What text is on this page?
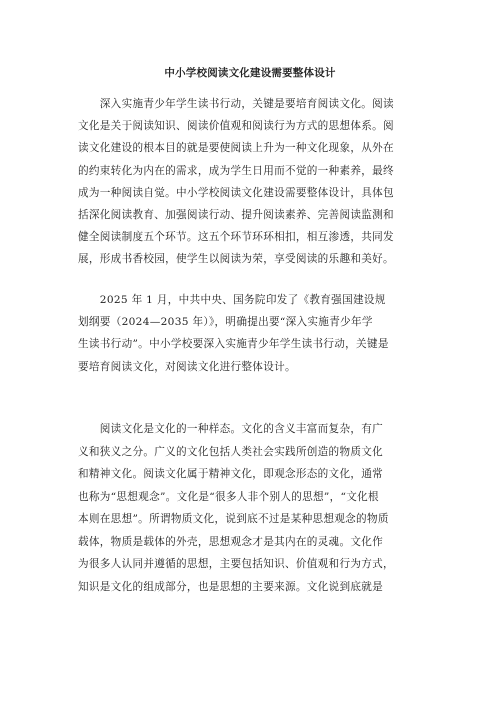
中小学校阅读文化建设需要整体设计
　　深入实施青少年学生读书行动，关键是要培育阅读文化。阅读
文化是关于阅读知识、阅读价值观和阅读行为方式的思想体系。阅
读文化建设的根本目的就是要使阅读上升为一种文化现象，从外在
的约束转化为内在的需求，成为学生日用而不觉的一种素养，最终
成为一种阅读自觉。中小学校阅读文化建设需要整体设计，具体包
括深化阅读教育、加强阅读行动、提升阅读素养、完善阅读监测和
健全阅读制度五个环节。这五个环节环环相扣，相互渗透，共同发
展，形成书香校园，使学生以阅读为荣，享受阅读的乐趣和美好。
　　2025 年 1 月，中共中央、国务院印发了《教育强国建设规
划纲要（2024—2035 年）》，明确提出要“深入实施青少年学
生读书行动”。中小学校要深入实施青少年学生读书行动，关键是
要培育阅读文化，对阅读文化进行整体设计。
　　阅读文化是文化的一种样态。文化的含义丰富而复杂，有广
义和狭义之分。广义的文化包括人类社会实践所创造的物质文化
和精神文化。阅读文化属于精神文化，即观念形态的文化，通常
也称为“思想观念”。文化是“很多人非个别人的思想”，“文化根
本则在思想”。所谓物质文化，说到底不过是某种思想观念的物质
载体，物质是载体的外壳，思想观念才是其内在的灵魂。文化作
为很多人认同并遵循的思想，主要包括知识、价值观和行为方式，
知识是文化的组成部分，也是思想的主要来源。文化说到底就是
